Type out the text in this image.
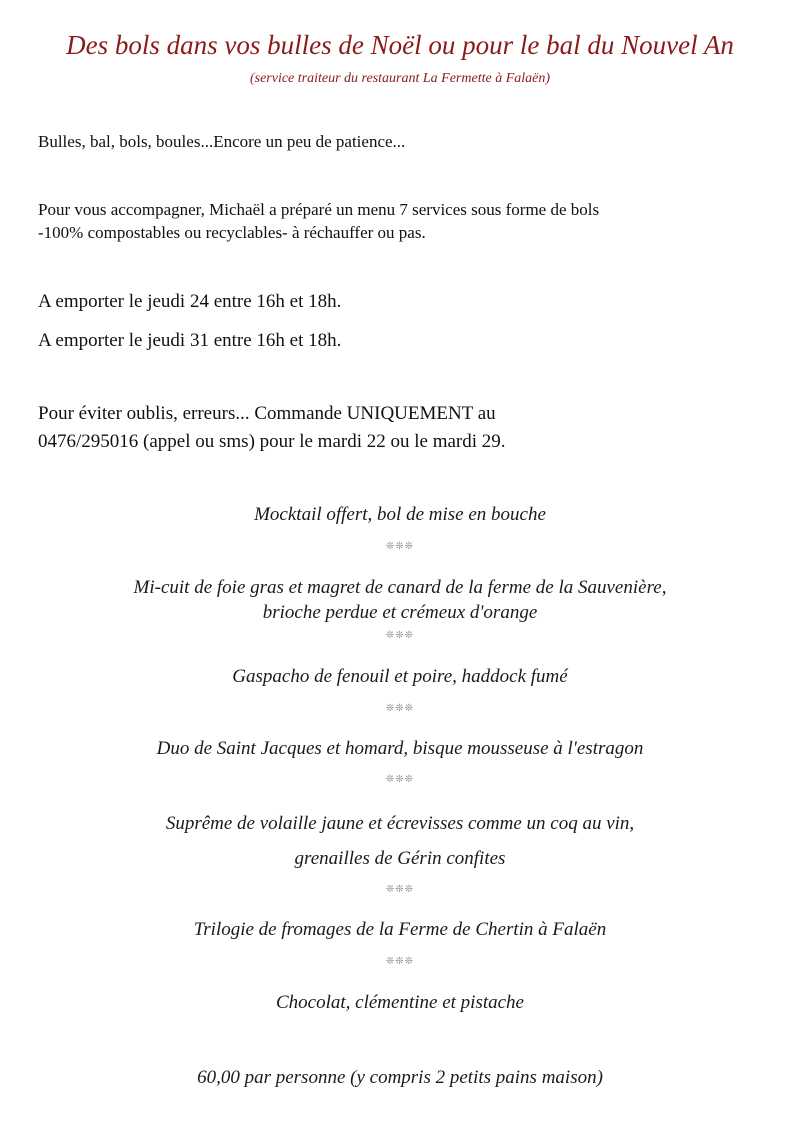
Des bols dans vos bulles de Noël ou pour le bal du Nouvel An
(service traiteur du restaurant La Fermette à Falaën)
Bulles, bal, bols, boules...Encore un peu de patience...
Pour vous accompagner, Michaël a préparé un menu 7 services sous forme de bols
-100% compostables ou recyclables- à réchauffer ou pas.
A emporter le jeudi 24 entre 16h et 18h.
A emporter le jeudi 31 entre 16h et 18h.
Pour éviter oublis, erreurs... Commande UNIQUEMENT au
0476/295016 (appel ou sms) pour le mardi 22 ou le mardi 29.
Mocktail offert, bol de mise en bouche
❊❊❊
Mi-cuit de foie gras et magret de canard de la ferme de la Sauvenière,
brioche perdue et crémeux d'orange
❊❊❊
Gaspacho de fenouil et poire, haddock fumé
❊❊❊
Duo de Saint Jacques et homard, bisque mousseuse à l'estragon
❊❊❊
Suprême de volaille jaune et écrevisses comme un coq au vin,
grenailles de Gérin confites
❊❊❊
Trilogie de fromages de la Ferme de Chertin à Falaën
❊❊❊
Chocolat, clémentine et pistache
60,00 par personne (y compris 2 petits pains maison)
